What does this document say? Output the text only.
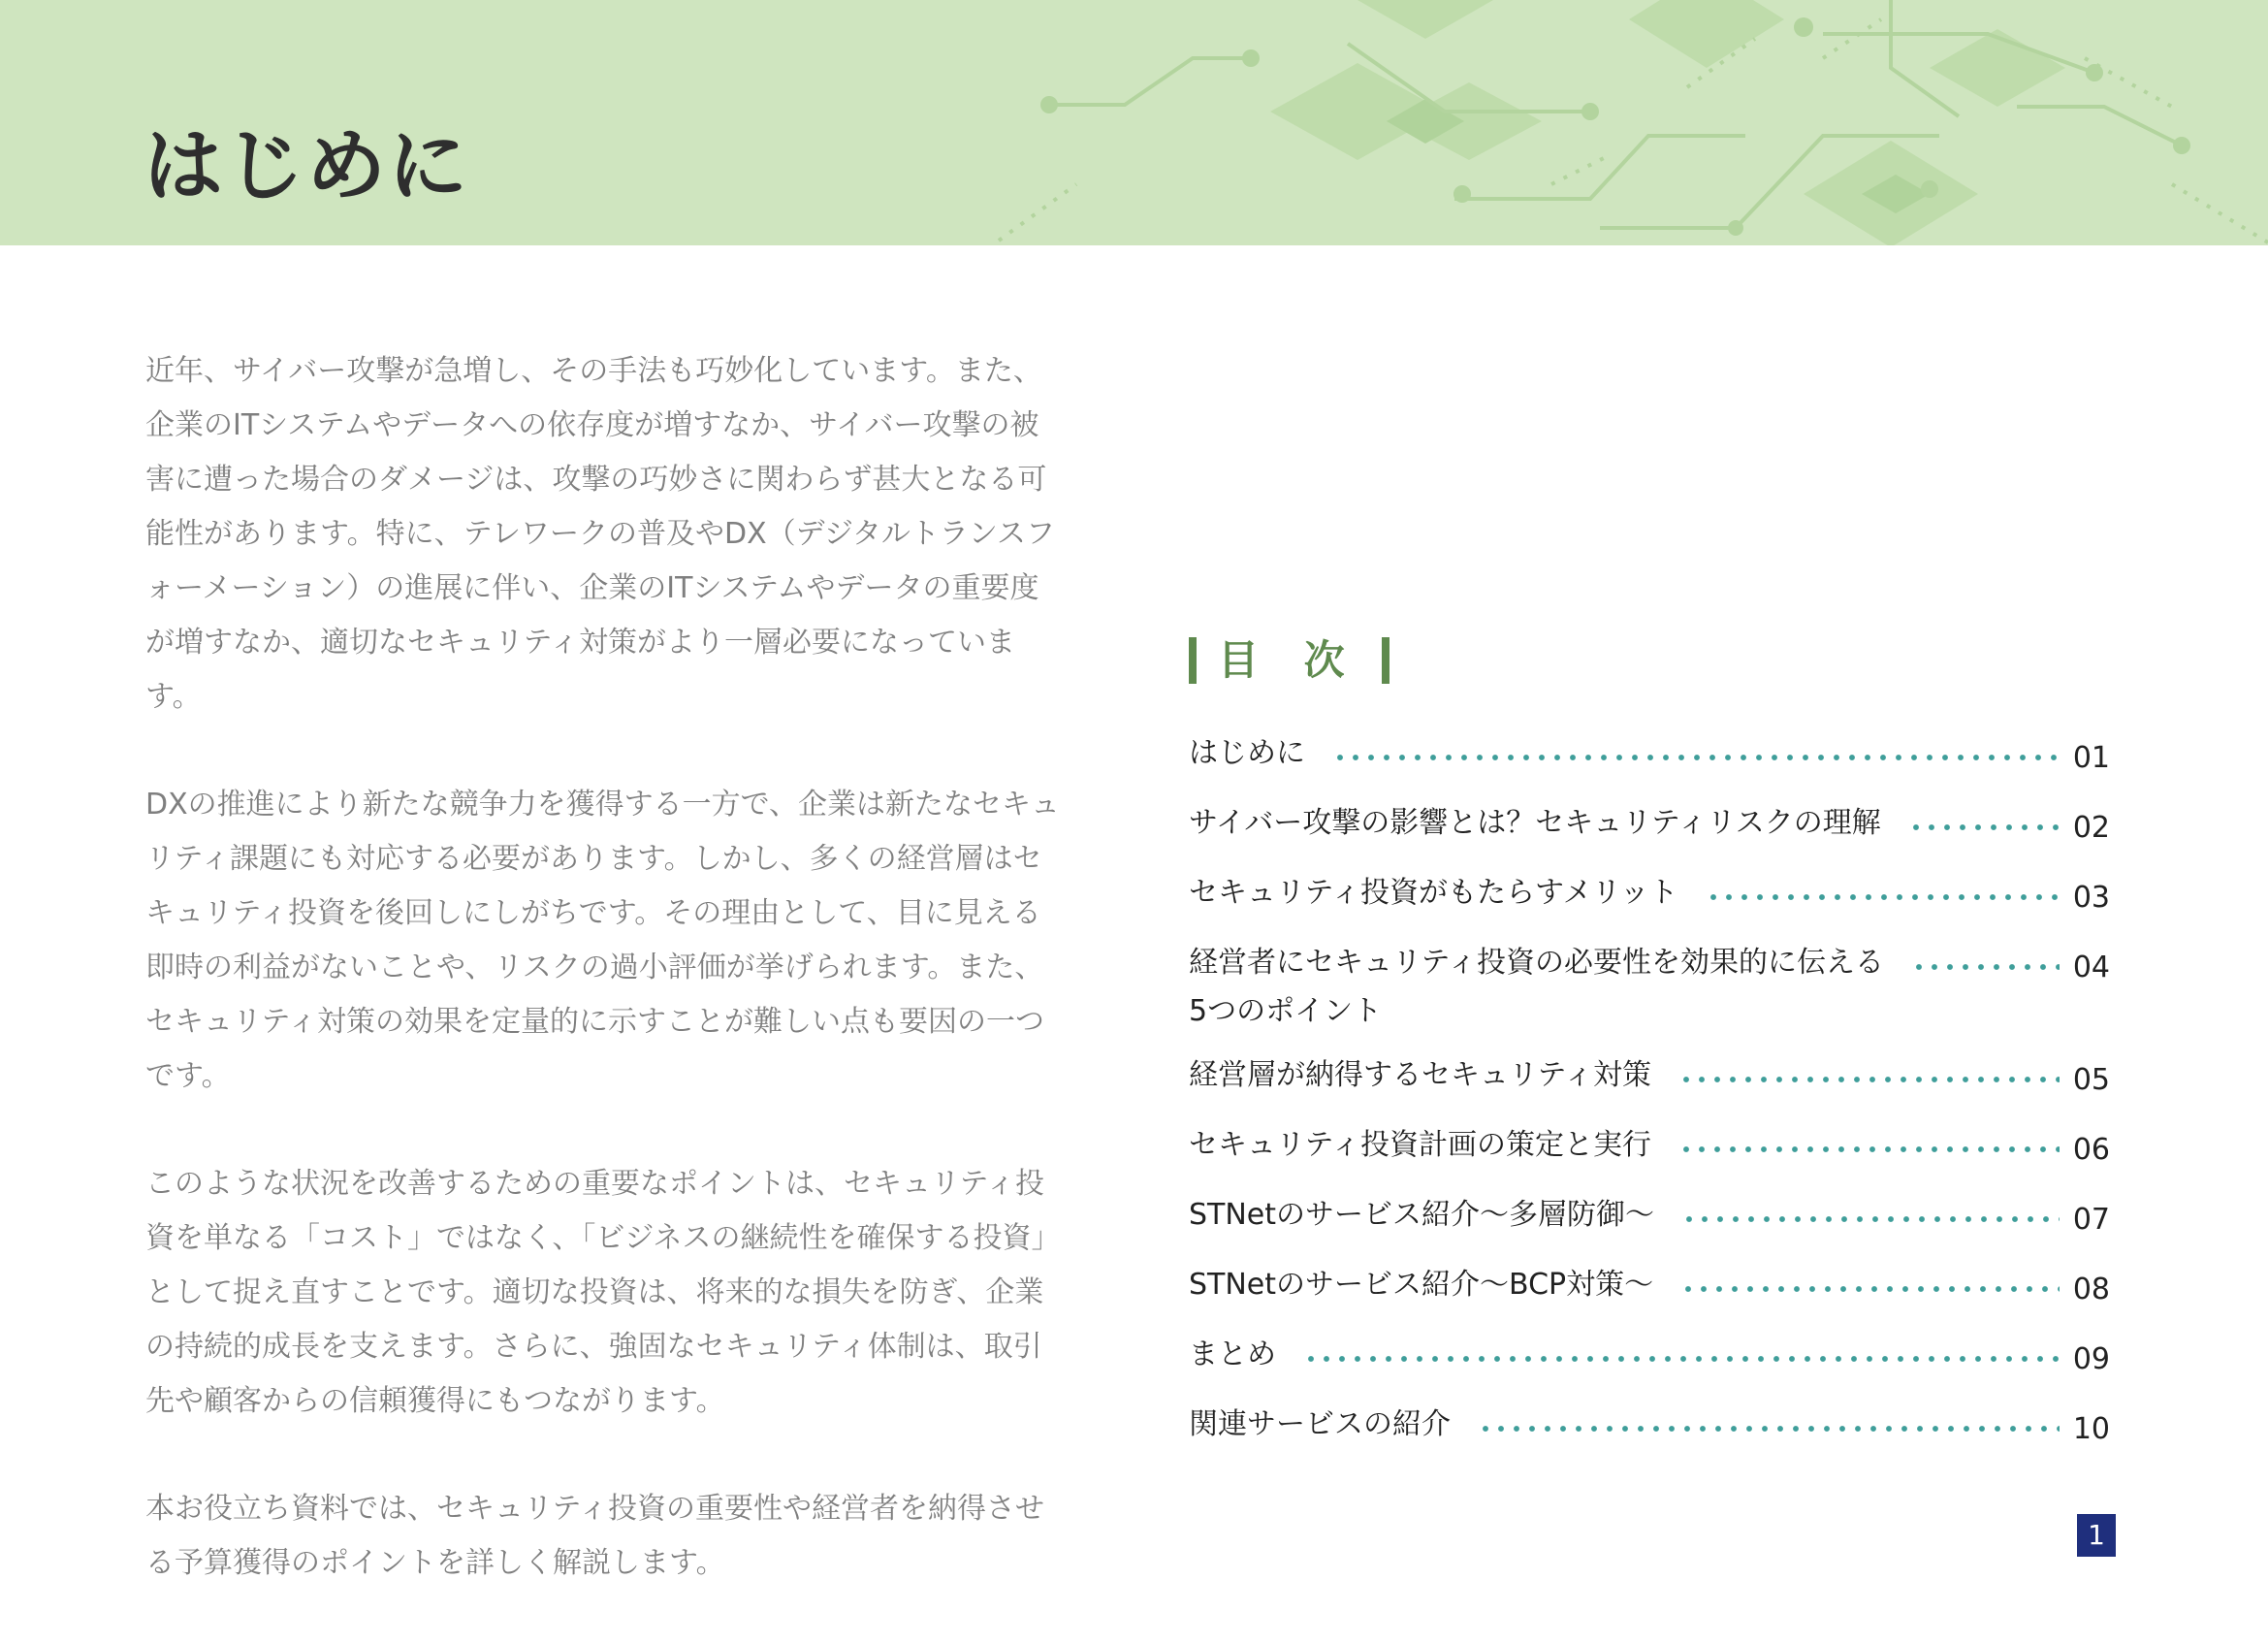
はじめに

近年、サイバー攻撃が急増し、その手法も巧妙化しています。また、企業のITシステムやデータへの依存度が増すなか、サイバー攻撃の被害に遭った場合のダメージは、攻撃の巧妙さに関わらず甚大となる可能性があります。特に、テレワークの普及やDX（デジタルトランスフォーメーション）の進展に伴い、企業のITシステムやデータの重要度が増すなか、適切なセキュリティ対策がより一層必要になっています。

DXの推進により新たな競争力を獲得する一方で、企業は新たなセキュリティ課題にも対応する必要があります。しかし、多くの経営層はセキュリティ投資を後回しにしがちです。その理由として、目に見える即時の利益がないことや、リスクの過小評価が挙げられます。また、セキュリティ対策の効果を定量的に示すことが難しい点も要因の一つです。

このような状況を改善するための重要なポイントは、セキュリティ投資を単なる「コスト」ではなく、「ビジネスの継続性を確保する投資」として捉え直すことです。適切な投資は、将来的な損失を防ぎ、企業の持続的成長を支えます。さらに、強固なセキュリティ体制は、取引先や顧客からの信頼獲得にもつながります。

本お役立ち資料では、セキュリティ投資の重要性や経営者を納得させる予算獲得のポイントを詳しく解説します。

目 次
はじめに	01
サイバー攻撃の影響とは？セキュリティリスクの理解	02
セキュリティ投資がもたらすメリット	03
経営者にセキュリティ投資の必要性を効果的に伝える
5つのポイント
04
経営層が納得するセキュリティ対策	05
セキュリティ投資計画の策定と実行	06
STNetのサービス紹介〜多層防御〜	07
STNetのサービス紹介〜BCP対策〜	08
まとめ	09
関連サービスの紹介	10
1
